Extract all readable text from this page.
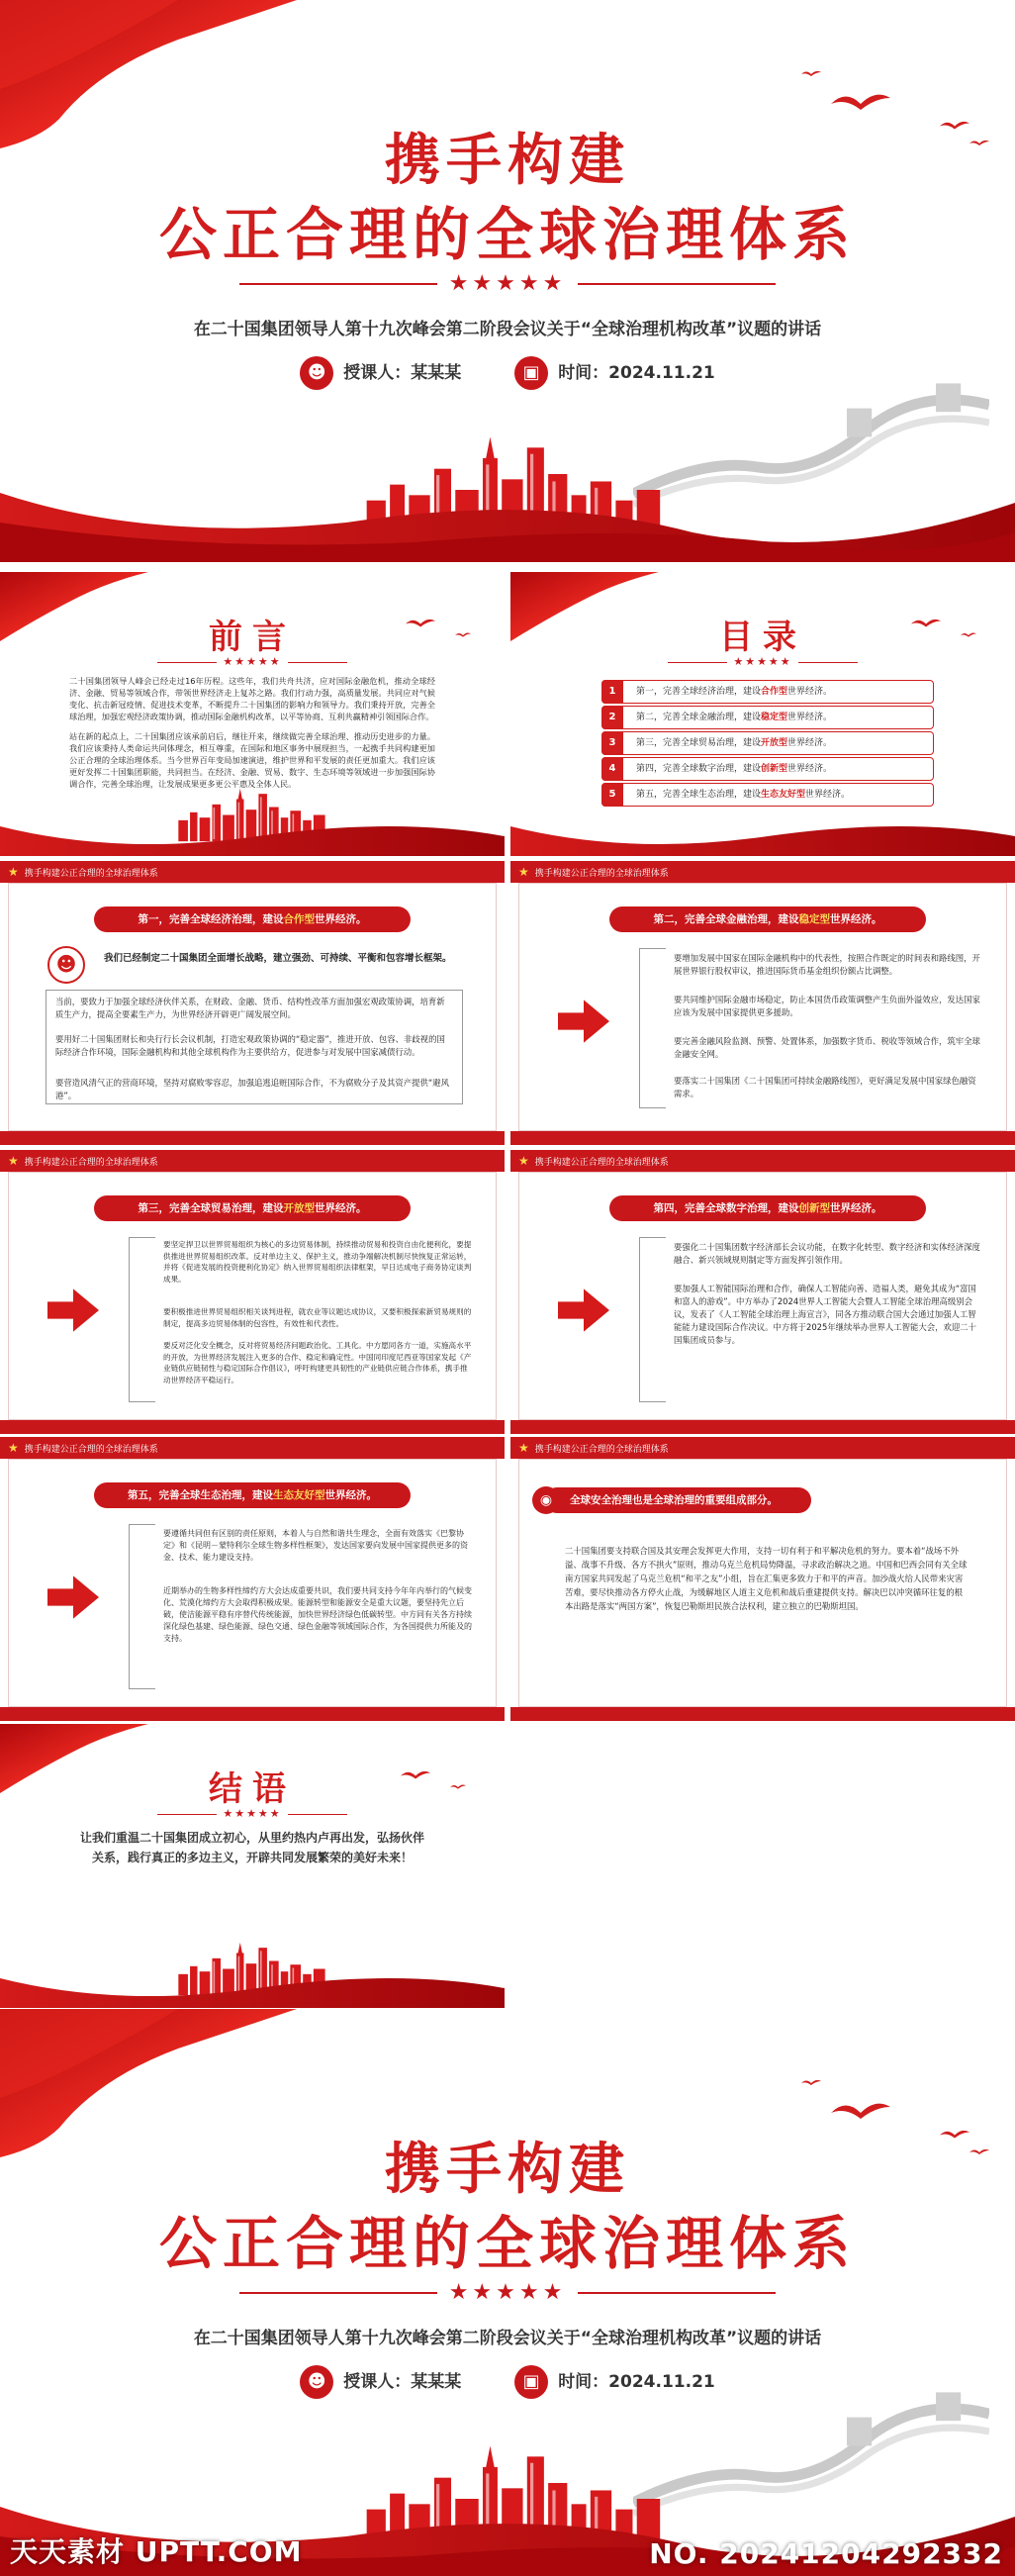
携手构建
公正合理的全球治理体系
★★★★★
在二十国集团领导人第十九次峰会第二阶段会议关于“全球治理机构改革”议题的讲话
☻ 授课人：某某某	▣ 时间：2024.11.21
前言
★★★★★
二十国集团领导人峰会已经走过16年历程。这些年，我们共舟共济，应对国际金融危机，推动全球经济、金融、贸易等领域合作，带领世界经济走上复苏之路。我们行动力强，高质量发展。共同应对气候变化、抗击新冠疫情、促进技术变革，不断提升二十国集团的影响力和领导力。我们秉持开放，完善全球治理，加强宏观经济政策协调，推动国际金融机构改革，以平等协商、互利共赢精神引领国际合作。
站在新的起点上，二十国集团应该承前启后，继往开来，继续做完善全球治理、推动历史进步的力量。我们应该秉持人类命运共同体理念，相互尊重，在国际和地区事务中展现担当，一起携手共同构建更加公正合理的全球治理体系。当今世界百年变局加速演进，维护世界和平发展的责任更加重大。我们应该更好发挥二十国集团职能，共同担当。在经济、金融、贸易、数字、生态环境等领域进一步加强国际协调合作，完善全球治理，让发展成果更多更公平惠及全体人民。
目录
★★★★★
1	第一，完善全球经济治理，建设合作型世界经济。
2	第二，完善全球金融治理，建设稳定型世界经济。
3	第三，完善全球贸易治理，建设开放型世界经济。
4	第四，完善全球数字治理，建设创新型世界经济。
5	第五，完善全球生态治理，建设生态友好型世界经济。
★ 携手构建公正合理的全球治理体系
第一，完善全球经济治理，建设合作型世界经济。
☻	我们已经制定二十国集团全面增长战略，建立强劲、可持续、平衡和包容增长框架。
当前，要致力于加强全球经济伙伴关系，在财政、金融、货币、结构性改革方面加强宏观政策协调，培育新质生产力，提高全要素生产力，为世界经济开辟更广阔发展空间。
要用好二十国集团财长和央行行长会议机制，打造宏观政策协调的“稳定器”，推进开放、包容、非歧视的国际经济合作环境，国际金融机构和其他全球机构作为主要供给方，促进参与对发展中国家减债行动。
要营造风清气正的营商环境，坚持对腐败零容忍，加强追逃追赃国际合作，不为腐败分子及其资产提供“避风港”。
★ 携手构建公正合理的全球治理体系
第二，完善全球金融治理，建设稳定型世界经济。
要增加发展中国家在国际金融机构中的代表性，按照合作既定的时间表和路线图，开展世界银行股权审议，推进国际货币基金组织份额占比调整。
要共同维护国际金融市场稳定，防止本国货币政策调整产生负面外溢效应，发达国家应该为发展中国家提供更多援助。
要完善金融风险监测、预警、处置体系，加强数字货币、税收等领域合作，筑牢全球金融安全网。
要落实二十国集团《二十国集团可持续金融路线图》，更好满足发展中国家绿色融资需求。
★ 携手构建公正合理的全球治理体系
第三，完善全球贸易治理，建设开放型世界经济。
要坚定捍卫以世界贸易组织为核心的多边贸易体制，持续推动贸易和投资自由化便利化，要提供推进世界贸易组织改革。反对单边主义、保护主义，推动争端解决机制尽快恢复正常运转，并将《促进发展的投资便利化协定》纳入世界贸易组织法律框架，早日达成电子商务协定谈判成果。
要积极推进世界贸易组织相关谈判进程，就农业等议题达成协议，又要积极探索新贸易规则的制定，提高多边贸易体制的包容性，有效性和代表性。
要反对泛化安全概念，反对将贸易经济问题政治化、工具化。中方愿同各方一道，实施高水平的开放，为世界经济发展注入更多的合作、稳定和确定性。中国同印度尼西亚等国家发起《产业链供应链韧性与稳定国际合作倡议》，呼吁构建更具韧性的产业链供应链合作体系，携手推动世界经济平稳运行。
★ 携手构建公正合理的全球治理体系
第四，完善全球数字治理，建设创新型世界经济。
要强化二十国集团数字经济部长会议功能，在数字化转型、数字经济和实体经济深度融合、新兴领域规则制定等方面发挥引领作用。
要加强人工智能国际治理和合作，确保人工智能向善、造福人类，避免其成为“富国和富人的游戏”。中方举办了2024世界人工智能大会暨人工智能全球治理高级别会议，发表了《人工智能全球治理上海宣言》，同各方推动联合国大会通过加强人工智能能力建设国际合作决议。中方将于2025年继续举办世界人工智能大会，欢迎二十国集团成员参与。
★ 携手构建公正合理的全球治理体系
第五，完善全球生态治理，建设生态友好型世界经济。
要遵循共同但有区别的责任原则，本着人与自然和谐共生理念，全面有效落实《巴黎协定》和《昆明－蒙特利尔全球生物多样性框架》，发达国家要向发展中国家提供更多的资金、技术、能力建设支持。
近期举办的生物多样性缔约方大会达成重要共识，我们要共同支持今年年内举行的气候变化、荒漠化缔约方大会取得积极成果。能源转型和能源安全是重大议题，要坚持先立后破，使洁能源平稳有序替代传统能源，加快世界经济绿色低碳转型。中方同有关各方持续深化绿色基建、绿色能源、绿色交通、绿色金融等领域国际合作，为各国提供力所能及的支持。
★ 携手构建公正合理的全球治理体系
◉	全球安全治理也是全球治理的重要组成部分。
二十国集团要支持联合国及其安理会发挥更大作用，支持一切有利于和平解决危机的努力。要本着“战场不外溢、战事不升级、各方不拱火”原则，推动乌克兰危机局势降温，寻求政治解决之道。中国和巴西会同有关全球南方国家共同发起了乌克兰危机“和平之友”小组，旨在汇集更多致力于和平的声音。加沙战火给人民带来灾害苦难，要尽快推动各方停火止战，为缓解地区人道主义危机和战后重建提供支持。解决巴以冲突循环往复的根本出路是落实“两国方案”，恢复巴勒斯坦民族合法权利，建立独立的巴勒斯坦国。
结语
★★★★★
让我们重温二十国集团成立初心，从里约热内卢再出发，弘扬伙伴
关系，践行真正的多边主义，开辟共同发展繁荣的美好未来！
携手构建
公正合理的全球治理体系
★★★★★
在二十国集团领导人第十九次峰会第二阶段会议关于“全球治理机构改革”议题的讲话
☻ 授课人：某某某	▣ 时间：2024.11.21
天天素材 UPTT.COM	NO. 20241204292332
